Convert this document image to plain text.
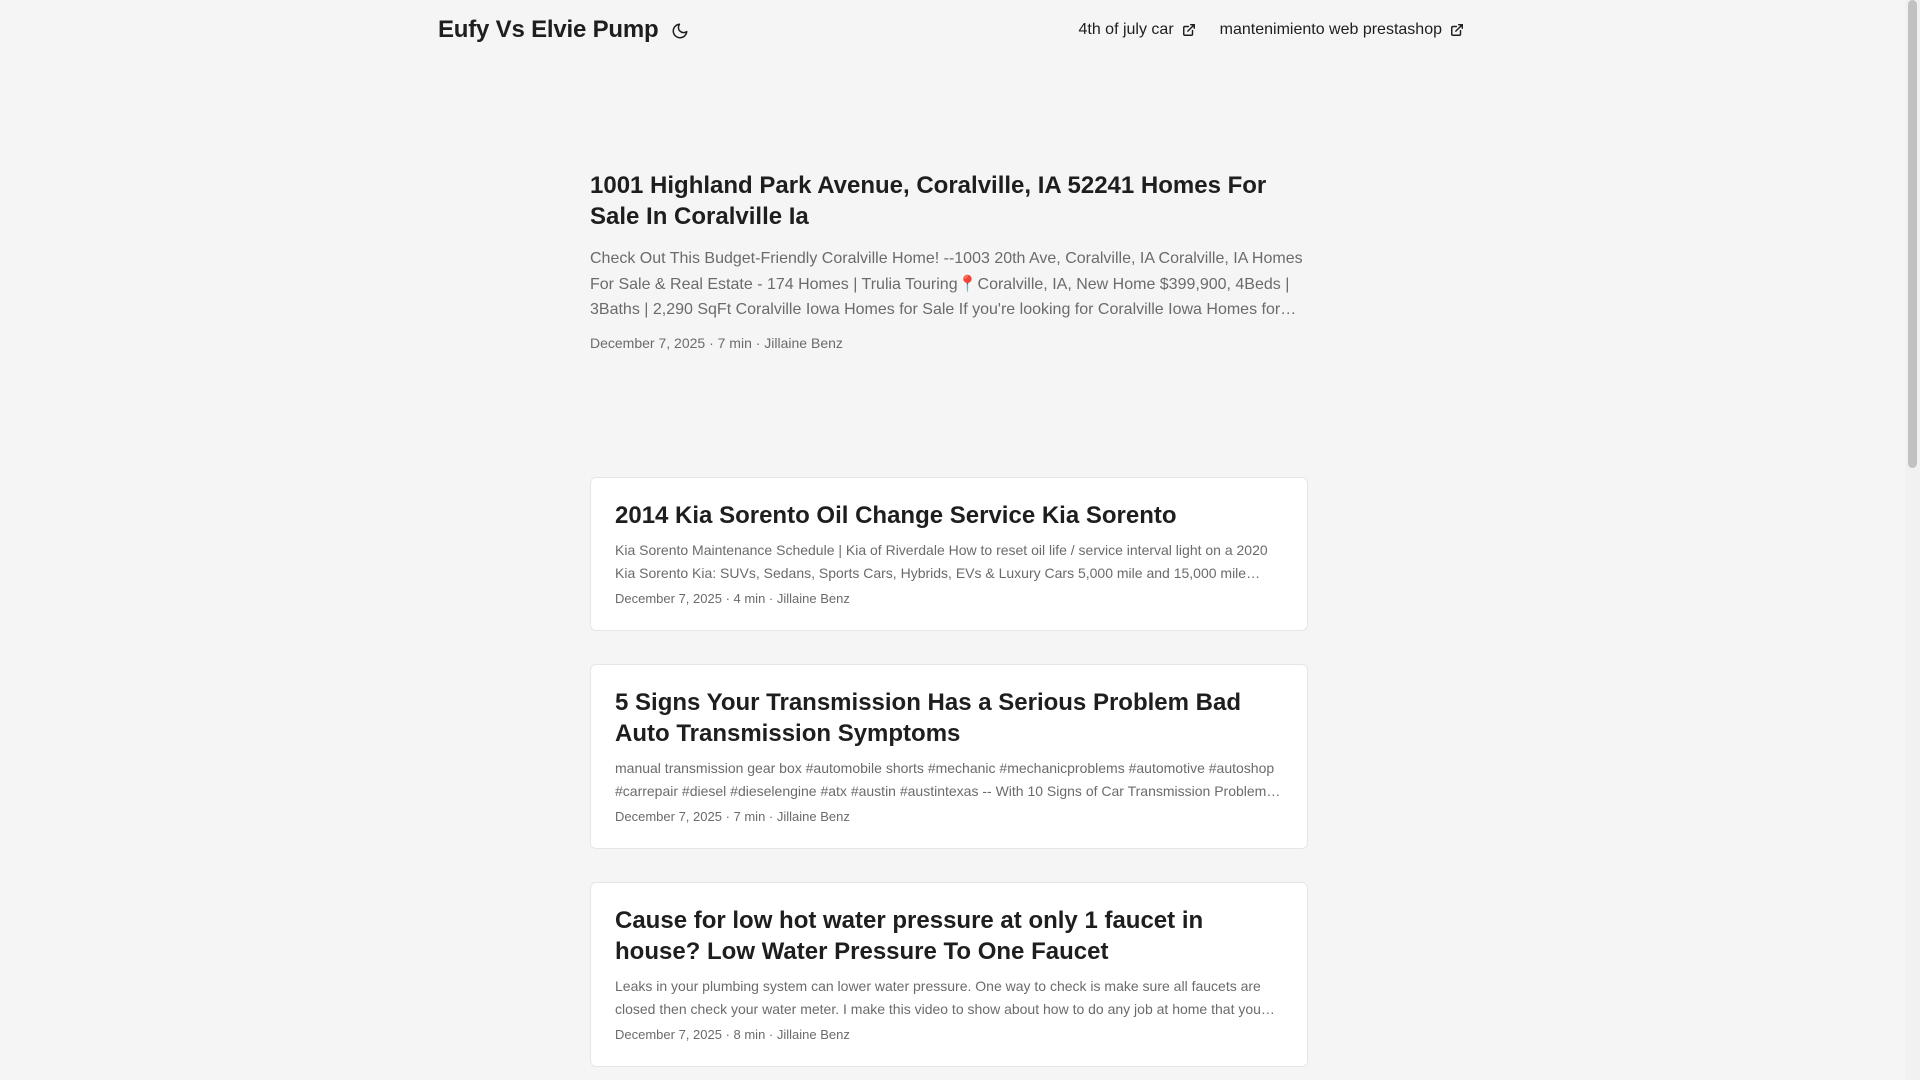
Eufy Vs Elvie Pump	4th of july car	mantenimiento web prestashop
1001 Highland Park Avenue, Coralville, IA 52241 Homes For Sale In Coralville Ia

Check Out This Budget-Friendly Coralville Home! --1003 20th Ave, Coralville, IA Coralville, IA Homes For Sale & Real Estate - 174 Homes | Trulia Touring📍Coralville, IA, New Home $399,900, 4Beds | 3Baths | 2,290 SqFt Coralville Iowa Homes for Sale If you're looking for Coralville Iowa Homes for

December 7, 2025 · 7 min · Jillaine Benz
2014 Kia Sorento Oil Change Service Kia Sorento

Kia Sorento Maintenance Schedule | Kia of Riverdale How to reset oil life / service interval light on a 2020 Kia Sorento Kia: SUVs, Sedans, Sports Cars, Hybrids, EVs & Luxury Cars 5,000 mile and 15,000 mile

December 7, 2025 · 4 min · Jillaine Benz
5 Signs Your Transmission Has a Serious Problem Bad Auto Transmission Symptoms

manual transmission gear box #automobile shorts #mechanic #mechanicproblems #automotive #autoshop #carrepair #diesel #dieselengine #atx #austin #austintexas -- With 10 Signs of Car Transmission Problems

December 7, 2025 · 7 min · Jillaine Benz
Cause for low hot water pressure at only 1 faucet in house? Low Water Pressure To One Faucet

Leaks in your plumbing system can lower water pressure. One way to check is make sure all faucets are closed then check your water meter. I make this video to show about how to do any job at home that you

December 7, 2025 · 8 min · Jillaine Benz
